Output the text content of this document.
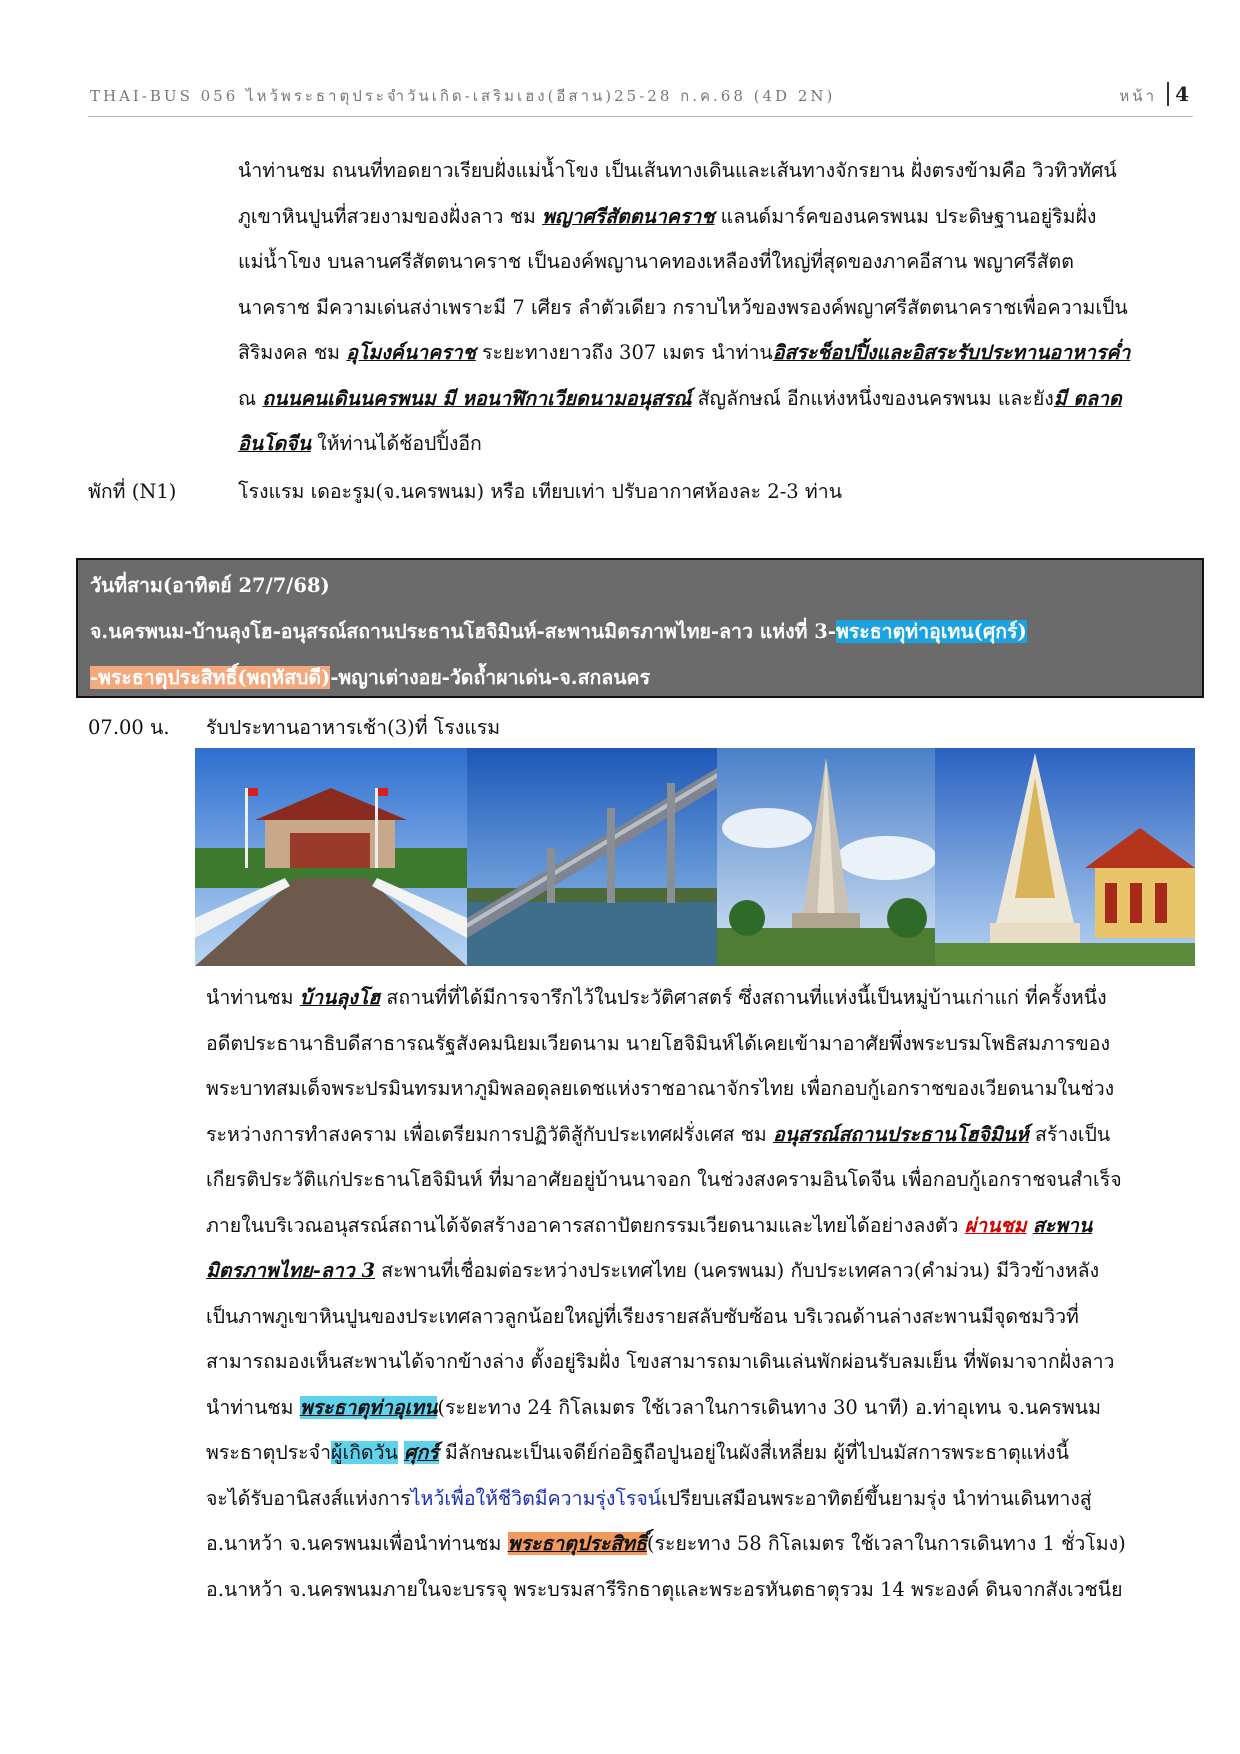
THAI-BUS 056 ไหว้พระธาตุประจำวันเกิด-เสริมเฮง(อีสาน)25-28 ก.ค.68 (4D 2N)	หน้า 4
นำท่านชม ถนนที่ทอดยาวเรียบฝั่งแม่น้ำโขง เป็นเส้นทางเดินและเส้นทางจักรยาน ฝั่งตรงข้ามคือ วิวทิวทัศน์
ภูเขาหินปูนที่สวยงามของฝั่งลาว ชม พญาศรีสัตตนาคราช แลนด์มาร์คของนครพนม ประดิษฐานอยู่ริมฝั่ง
แม่น้ำโขง บนลานศรีสัตตนาคราช เป็นองค์พญานาคทองเหลืองที่ใหญ่ที่สุดของภาคอีสาน พญาศรีสัตต
นาคราช มีความเด่นสง่าเพราะมี 7 เศียร ลำตัวเดียว กราบไหว้ของพรองค์พญาศรีสัตตนาคราชเพื่อความเป็น
สิริมงคล ชม อุโมงค์นาคราช ระยะทางยาวถึง 307 เมตร นำท่านอิสระช็อปปิ้งและอิสระรับประทานอาหารค่ำ
ณ ถนนคนเดินนครพนม มี หอนาฬิกาเวียดนามอนุสรณ์ สัญลักษณ์ อีกแห่งหนึ่งของนครพนม และยังมี ตลาด
อินโดจีน ให้ท่านได้ช้อปปิ้งอีก
พักที่ (N1)	โรงแรม เดอะรูม(จ.นครพนม) หรือ เทียบเท่า ปรับอากาศห้องละ 2-3 ท่าน
วันที่สาม(อาทิตย์ 27/7/68)
จ.นครพนม-บ้านลุงโฮ-อนุสรณ์สถานประธานโฮจิมินห์-สะพานมิตรภาพไทย-ลาว แห่งที่ 3-พระธาตุท่าอุเทน(ศุกร์)
-พระธาตุประสิทธิ์(พฤหัสบดี)-พญาเต่างอย-วัดถ้ำผาเด่น-จ.สกลนคร
07.00 น. รับประทานอาหารเช้า(3)ที่ โรงแรม
นำท่านชม บ้านลุงโฮ สถานที่ที่ได้มีการจารึกไว้ในประวัติศาสตร์ ซึ่งสถานที่แห่งนี้เป็นหมู่บ้านเก่าแก่ ที่ครั้งหนึ่ง
อดีตประธานาธิบดีสาธารณรัฐสังคมนิยมเวียดนาม นายโฮจิมินห์ได้เคยเข้ามาอาศัยพึ่งพระบรมโพธิสมภารของ
พระบาทสมเด็จพระปรมินทรมหาภูมิพลอดุลยเดชแห่งราชอาณาจักรไทย เพื่อกอบกู้เอกราชของเวียดนามในช่วง
ระหว่างการทำสงคราม เพื่อเตรียมการปฏิวัติสู้กับประเทศฝรั่งเศส ชม อนุสรณ์สถานประธานโฮจิมินห์ สร้างเป็น
เกียรติประวัติแก่ประธานโฮจิมินห์ ที่มาอาศัยอยู่บ้านนาจอก ในช่วงสงครามอินโดจีน เพื่อกอบกู้เอกราชจนสำเร็จ
ภายในบริเวณอนุสรณ์สถานได้จัดสร้างอาคารสถาปัตยกรรมเวียดนามและไทยได้อย่างลงตัว ผ่านชม สะพาน
มิตรภาพไทย-ลาว 3 สะพานที่เชื่อมต่อระหว่างประเทศไทย (นครพนม) กับประเทศลาว(คำม่วน) มีวิวข้างหลัง
เป็นภาพภูเขาหินปูนของประเทศลาวลูกน้อยใหญ่ที่เรียงรายสลับซับซ้อน บริเวณด้านล่างสะพานมีจุดชมวิวที่
สามารถมองเห็นสะพานได้จากข้างล่าง ตั้งอยู่ริมฝั่ง โขงสามารถมาเดินเล่นพักผ่อนรับลมเย็น ที่พัดมาจากฝั่งลาว
นำท่านชม พระธาตุท่าอุเทน(ระยะทาง 24 กิโลเมตร ใช้เวลาในการเดินทาง 30 นาที) อ.ท่าอุเทน จ.นครพนม
พระธาตุประจำผู้เกิดวัน ศุกร์ มีลักษณะเป็นเจดีย์ก่ออิฐถือปูนอยู่ในผังสี่เหลี่ยม ผู้ที่ไปนมัสการพระธาตุแห่งนี้
จะได้รับอานิสงส์แห่งการไหว้เพื่อให้ชีวิตมีความรุ่งโรจน์เปรียบเสมือนพระอาทิตย์ขึ้นยามรุ่ง นำท่านเดินทางสู่
อ.นาหว้า จ.นครพนมเพื่อนำท่านชม พระธาตุประสิทธิ์(ระยะทาง 58 กิโลเมตร ใช้เวลาในการเดินทาง 1 ชั่วโมง)
อ.นาหว้า จ.นครพนมภายในจะบรรจุ พระบรมสารีริกธาตุและพระอรหันตธาตุรวม 14 พระองค์ ดินจากสังเวชนีย
